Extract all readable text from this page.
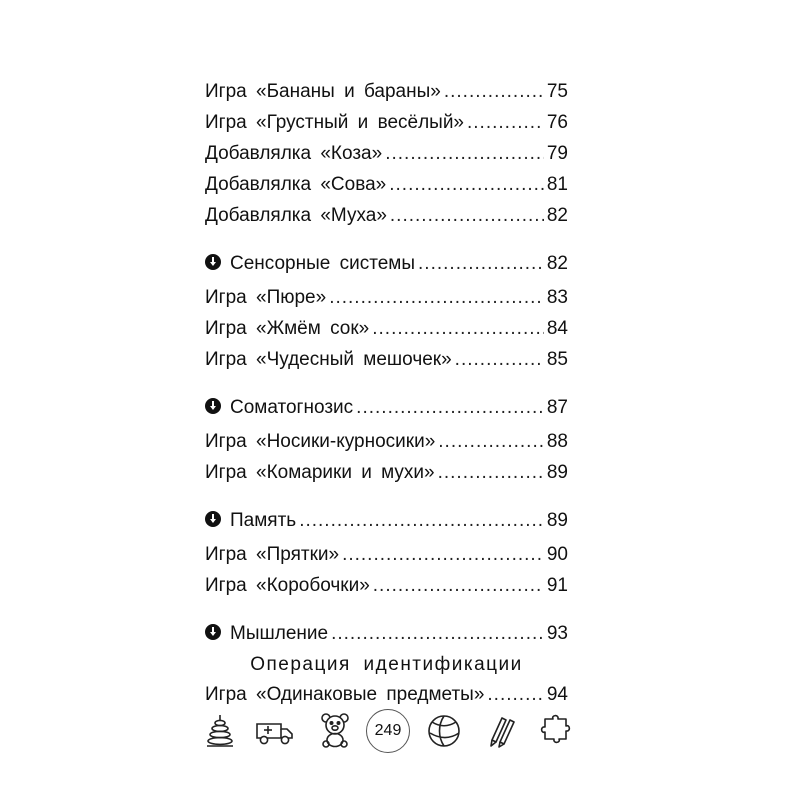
Игра «Бананы и бараны» .....	75
Игра «Грустный и весёлый» .....	76
Добавлялка «Коза» .....	79
Добавлялка «Сова» .....	81
Добавлялка «Муха» .....	82
Сенсорные системы .....	82
Игра «Пюре» .....	83
Игра «Жмём сок» .....	84
Игра «Чудесный мешочек» .....	85
Соматогнозис .....	87
Игра «Носики-курносики» .....	88
Игра «Комарики и мухи» .....	89
Память .....	89
Игра «Прятки» .....	90
Игра «Коробочки» .....	91
Мышление .....	93
Операция идентификации
Игра «Одинаковые предметы» .....	94
249
